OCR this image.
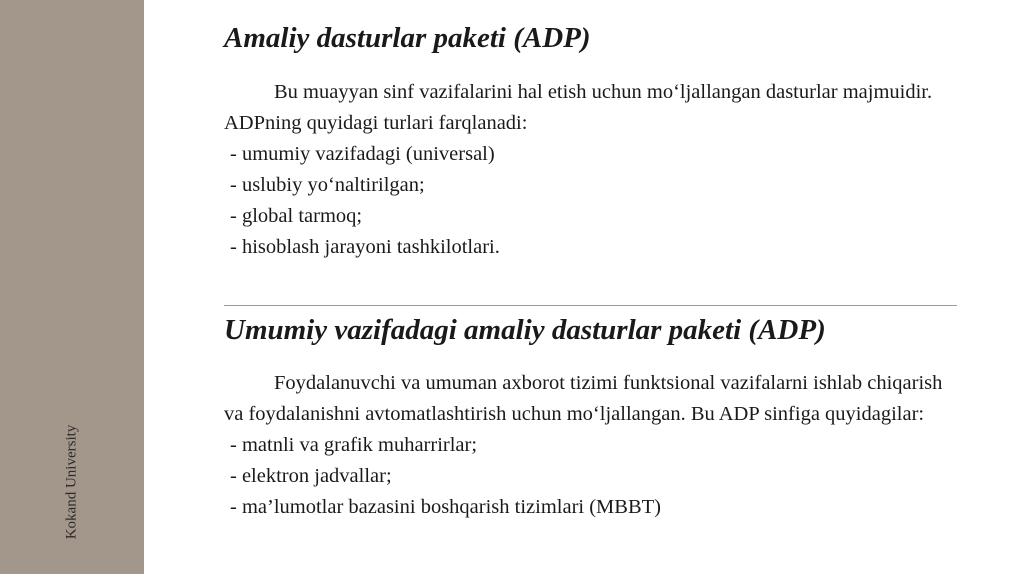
Kokand University
Amaliy dasturlar paketi (ADP)

Bu muayyan sinf vazifalarini hal etish uchun mo‘ljallangan dasturlar majmuidir. ADPning quyidagi turlari farqlanadi:

- umumiy vazifadagi (universal)

- uslubiy yo‘naltirilgan;

- global tarmoq;

- hisoblash jarayoni tashkilotlari.

Umumiy vazifadagi amaliy dasturlar paketi (ADP)

Foydalanuvchi va umuman axborot tizimi funktsional vazifalarni ishlab chiqarish va foydalanishni avtomatlashtirish uchun mo‘ljallangan. Bu ADP sinfiga quyidagilar:

- matnli va grafik muharrirlar;

- elektron jadvallar;

- ma’lumotlar bazasini boshqarish tizimlari (MBBT)
